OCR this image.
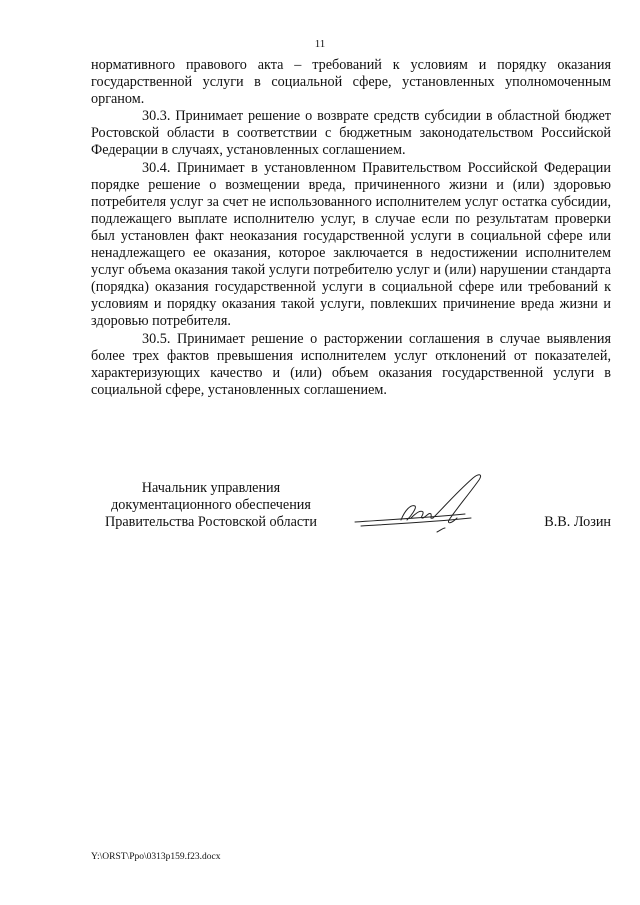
11

нормативного правового акта – требований к условиям и порядку оказания государственной услуги в социальной сфере, установленных уполномоченным органом.

30.3. Принимает решение о возврате средств субсидии в областной бюджет Ростовской области в соответствии с бюджетным законодательством Российской Федерации в случаях, установленных соглашением.

30.4. Принимает в установленном Правительством Российской Федерации порядке решение о возмещении вреда, причиненного жизни и (или) здоровью потребителя услуг за счет не использованного исполнителем услуг остатка субсидии, подлежащего выплате исполнителю услуг, в случае если по результатам проверки был установлен факт неоказания государственной услуги в социальной сфере или ненадлежащего ее оказания, которое заключается в недостижении исполнителем услуг объема оказания такой услуги потребителю услуг и (или) нарушении стандарта (порядка) оказания государственной услуги в социальной сфере или требований к условиям и порядку оказания такой услуги, повлекших причинение вреда жизни и здоровью потребителя.

30.5. Принимает решение о расторжении соглашения в случае выявления более трех фактов превышения исполнителем услуг отклонений от показателей, характеризующих качество и (или) объем оказания государственной услуги в социальной сфере, установленных соглашением.

Начальник управления
документационного обеспечения
Правительства Ростовской области	В.В. Лозин
Y:\ORST\Ppo\0313p159.f23.docx
